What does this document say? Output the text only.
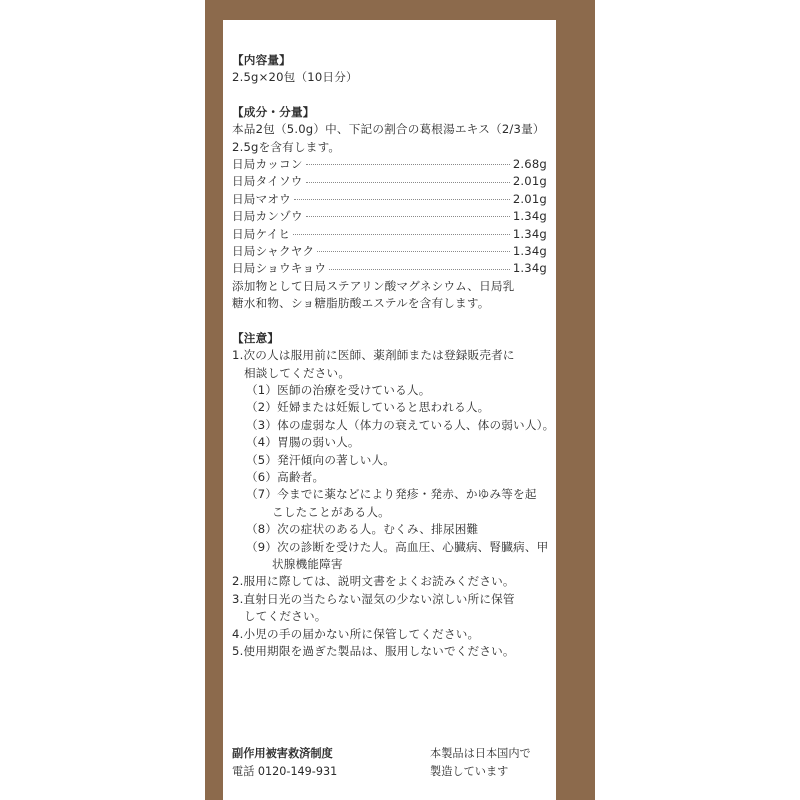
【内容量】
2.5g×20包（10日分）
【成分・分量】
本品2包（5.0g）中、下記の割合の葛根湯エキス（2/3量）
2.5gを含有します。
日局カッコン	2.68g
日局タイソウ	2.01g
日局マオウ	2.01g
日局カンゾウ	1.34g
日局ケイヒ	1.34g
日局シャクヤク	1.34g
日局ショウキョウ	1.34g
添加物として日局ステアリン酸マグネシウム、日局乳
糖水和物、ショ糖脂肪酸エステルを含有します。
【注意】
1.次の人は服用前に医師、薬剤師または登録販売者に
相談してください。
（1）医師の治療を受けている人。
（2）妊婦または妊娠していると思われる人。
（3）体の虚弱な人（体力の衰えている人、体の弱い人）。
（4）胃腸の弱い人。
（5）発汗傾向の著しい人。
（6）高齢者。
（7）今までに薬などにより発疹・発赤、かゆみ等を起
こしたことがある人。
（8）次の症状のある人。むくみ、排尿困難
（9）次の診断を受けた人。高血圧、心臓病、腎臓病、甲
状腺機能障害
2.服用に際しては、説明文書をよくお読みください。
3.直射日光の当たらない湿気の少ない涼しい所に保管
してください。
4.小児の手の届かない所に保管してください。
5.使用期限を過ぎた製品は、服用しないでください。
副作用被害救済制度
電話 0120-149-931
本製品は日本国内で
製造しています
